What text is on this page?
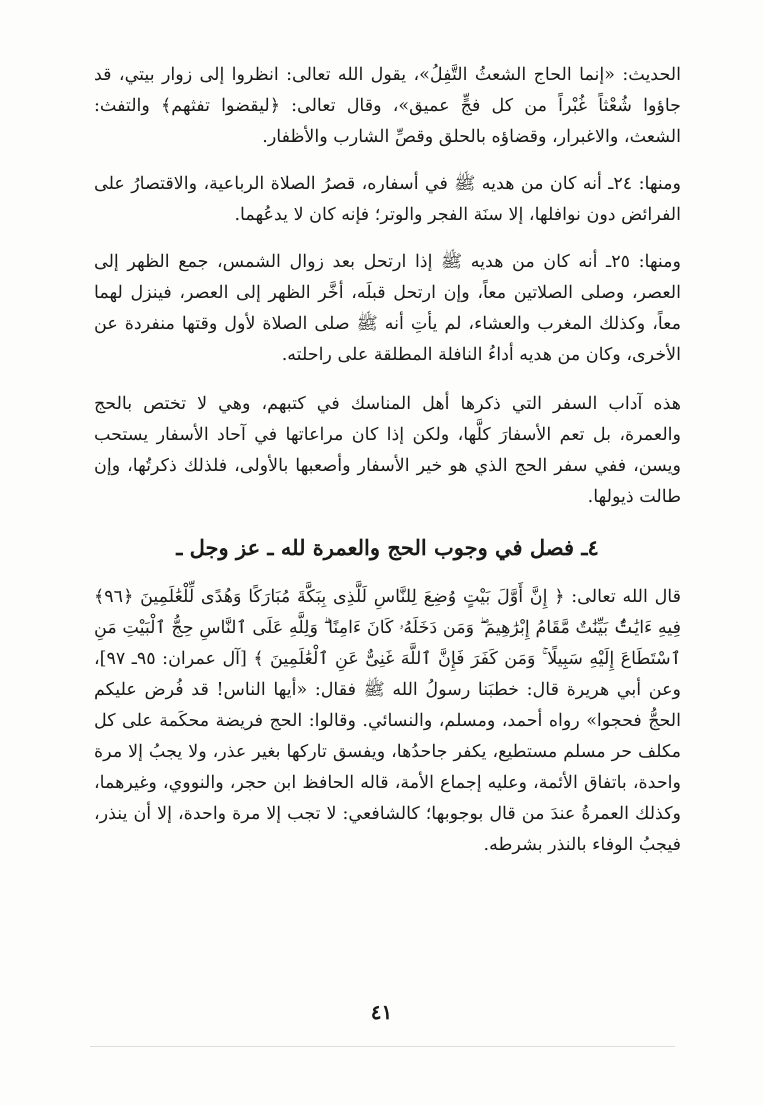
الحديث: «إنما الحاج الشعثُ التَّفِلُ»، يقول الله تعالى: انظروا إلى زوار بيتي، قد جاؤوا شُعْثاً غُبْراً من كل فجٍّ عميق»، وقال تعالى: ﴿ليقضوا تفثهم﴾ والتفث: الشعث، والاغبرار، وقضاؤه بالحلق وقصِّ الشارب والأظفار.

ومنها: ٢٤ـ أنه كان من هديه ﷺ في أسفاره، قصرُ الصلاة الرباعية، والاقتصارُ على الفرائض دون نوافلها، إلا سنَة الفجر والوتر؛ فإنه كان لا يدعُهما.

ومنها: ٢٥ـ أنه كان من هديه ﷺ إذا ارتحل بعد زوال الشمس، جمع الظهر إلى العصر، وصلى الصلاتين معاً، وإن ارتحل قبلَه، أخَّر الظهر إلى العصر، فينزل لهما معاً، وكذلك المغرب والعشاء، لم يأتِ أنه ﷺ صلى الصلاة لأول وقتها منفردة عن الأخرى، وكان من هديه أداءُ النافلة المطلقة على راحلته.

هذه آداب السفر التي ذكرها أهل المناسك في كتبهم، وهي لا تختص بالحج والعمرة، بل تعم الأسفارَ كلَّها، ولكن إذا كان مراعاتها في آحاد الأسفار يستحب ويسن، ففي سفر الحج الذي هو خير الأسفار وأصعبها بالأولى، فلذلك ذكرتُها، وإن طالت ذيولها.

٤ـ فصل في وجوب الحج والعمرة لله ـ عز وجل ـ

قال الله تعالى: ﴿ إِنَّ أَوَّلَ بَيْتٍ وُضِعَ لِلنَّاسِ لَلَّذِى بِبَكَّةَ مُبَارَكًا وَهُدًى لِّلْعَٰلَمِينَ ﴿٩٦﴾ فِيهِ ءَايَٰتٌۢ بَيِّنَٰتٌ مَّقَامُ إِبْرَٰهِيمَ ۖ وَمَن دَخَلَهُۥ كَانَ ءَامِنًا ۗ وَلِلَّهِ عَلَى ٱلنَّاسِ حِجُّ ٱلْبَيْتِ مَنِ ٱسْتَطَاعَ إِلَيْهِ سَبِيلًا ۚ وَمَن كَفَرَ فَإِنَّ ٱللَّهَ غَنِىٌّ عَنِ ٱلْعَٰلَمِينَ ﴾ [آل عمران: ٩٥ـ ٩٧]، وعن أبي هريرة قال: خطبَنا رسولُ الله ﷺ فقال: «أيها الناس! قد فُرض عليكم الحجُّ فحجوا» رواه أحمد، ومسلم، والنسائي. وقالوا: الحج فريضة محكَمة على كل مكلف حر مسلم مستطيع، يكفر جاحدُها، ويفسق تاركها بغير عذر، ولا يجبُ إلا مرة واحدة، باتفاق الأئمة، وعليه إجماع الأمة، قاله الحافظ ابن حجر، والنووي، وغيرهما، وكذلك العمرةُ عندَ من قال بوجوبها؛ كالشافعي: لا تجب إلا مرة واحدة، إلا أن ينذر، فيجبُ الوفاء بالنذر بشرطه.

٤١
